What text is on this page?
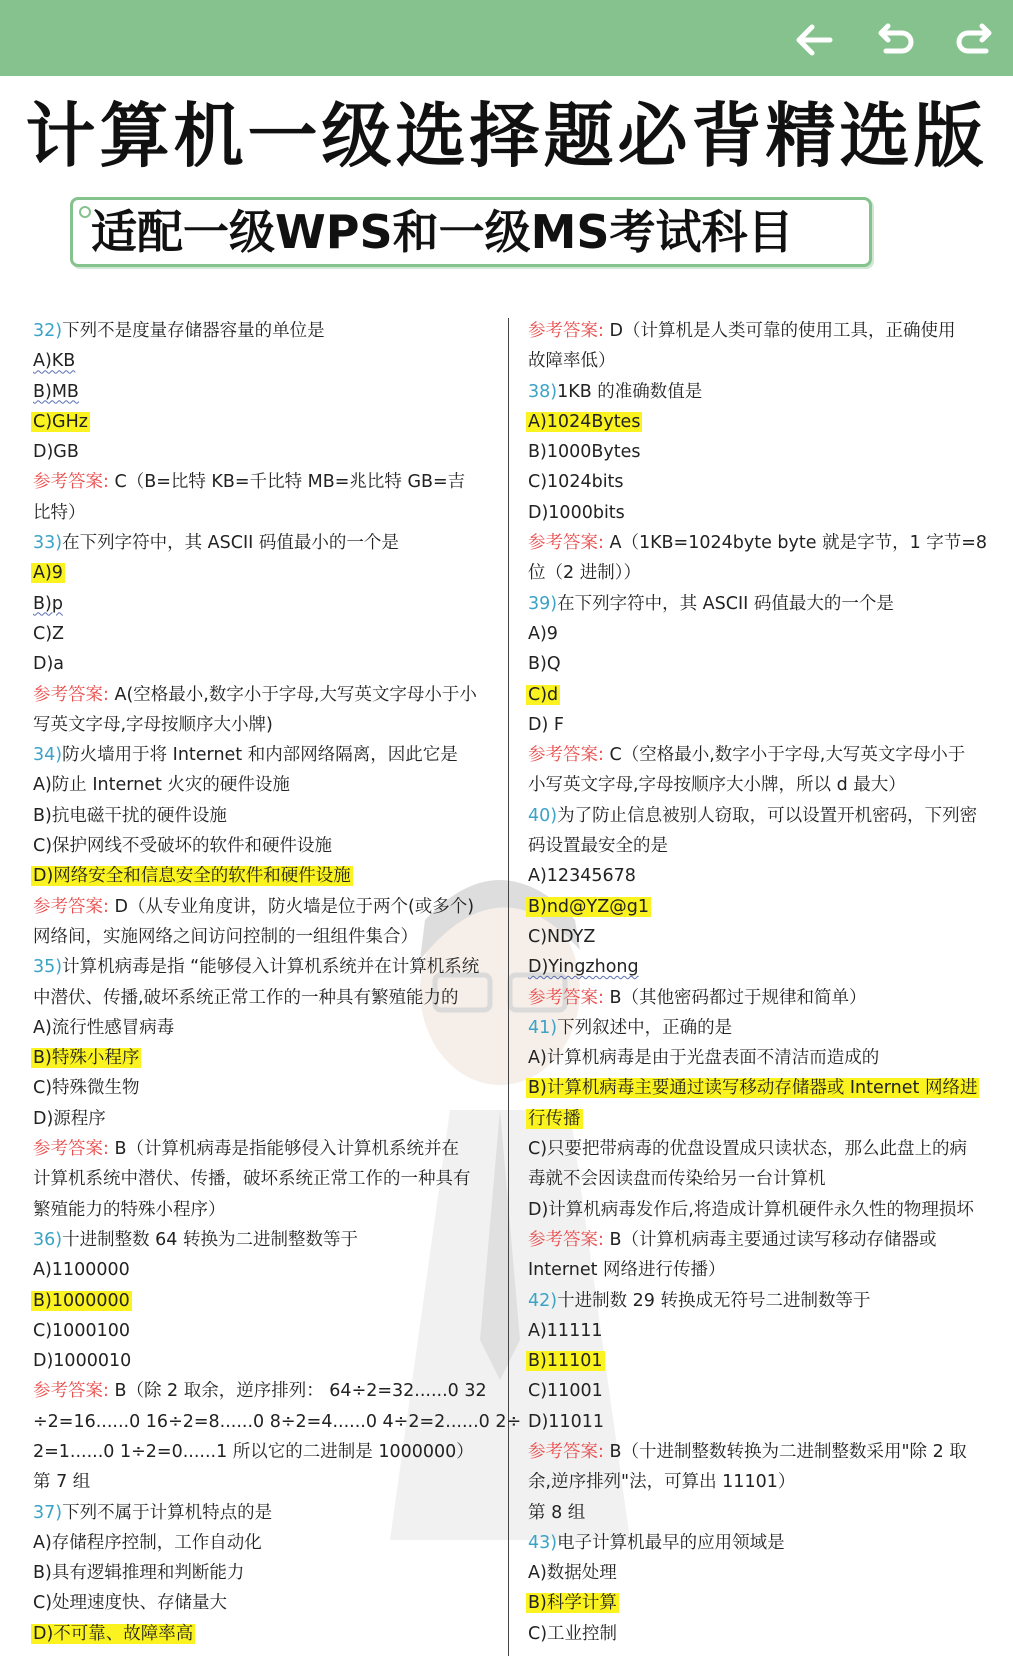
计算机一级选择题必背精选版
适配一级WPS和一级MS考试科目
32)下列不是度量存储器容量的单位是
A)KB
B)MB
C)GHz
D)GB
参考答案: C（B=比特 KB=千比特 MB=兆比特 GB=吉
比特）
33)在下列字符中，其 ASCII 码值最小的一个是
A)9
B)p
C)Z
D)a
参考答案: A(空格最小,数字小于字母,大写英文字母小于小
写英文字母,字母按顺序大小牌)
34)防火墙用于将 Internet 和内部网络隔离，因此它是
A)防止 Internet 火灾的硬件设施
B)抗电磁干扰的硬件设施
C)保护网线不受破坏的软件和硬件设施
D)网络安全和信息安全的软件和硬件设施
参考答案: D（从专业角度讲，防火墙是位于两个(或多个)
网络间，实施网络之间访问控制的一组组件集合）
35)计算机病毒是指 “能够侵入计算机系统并在计算机系统
中潜伏、传播,破坏系统正常工作的一种具有繁殖能力的
A)流行性感冒病毒
B)特殊小程序
C)特殊微生物
D)源程序
参考答案: B（计算机病毒是指能够侵入计算机系统并在
计算机系统中潜伏、传播，破坏系统正常工作的一种具有
繁殖能力的特殊小程序）
36)十进制整数 64 转换为二进制整数等于
A)1100000
B)1000000
C)1000100
D)1000010
参考答案: B（除 2 取余，逆序排列： 64÷2=32......0 32
÷2=16......0 16÷2=8......0 8÷2=4......0 4÷2=2......0 2÷
2=1......0 1÷2=0......1 所以它的二进制是 1000000）
第 7 组
37)下列不属于计算机特点的是
A)存储程序控制，工作自动化
B)具有逻辑推理和判断能力
C)处理速度快、存储量大
D)不可靠、故障率高
参考答案: D（计算机是人类可靠的使用工具，正确使用
故障率低）
38)1KB 的准确数值是
A)1024Bytes
B)1000Bytes
C)1024bits
D)1000bits
参考答案: A（1KB=1024byte byte 就是字节，1 字节=8
位（2 进制））
39)在下列字符中，其 ASCII 码值最大的一个是
A)9
B)Q
C)d
D) F
参考答案: C（空格最小,数字小于字母,大写英文字母小于
小写英文字母,字母按顺序大小牌，所以 d 最大）
40)为了防止信息被别人窃取，可以设置开机密码，下列密
码设置最安全的是
A)12345678
B)nd@YZ@g1
C)NDYZ
D)Yingzhong
参考答案: B（其他密码都过于规律和简单）
41)下列叙述中，正确的是
A)计算机病毒是由于光盘表面不清洁而造成的
B)计算机病毒主要通过读写移动存储器或 Internet 网络进
行传播
C)只要把带病毒的优盘设置成只读状态，那么此盘上的病
毒就不会因读盘而传染给另一台计算机
D)计算机病毒发作后,将造成计算机硬件永久性的物理损坏
参考答案: B（计算机病毒主要通过读写移动存储器或
Internet 网络进行传播）
42)十进制数 29 转换成无符号二进制数等于
A)11111
B)11101
C)11001
D)11011
参考答案: B（十进制整数转换为二进制整数采用"除 2 取
余,逆序排列"法，可算出 11101）
第 8 组
43)电子计算机最早的应用领域是
A)数据处理
B)科学计算
C)工业控制
